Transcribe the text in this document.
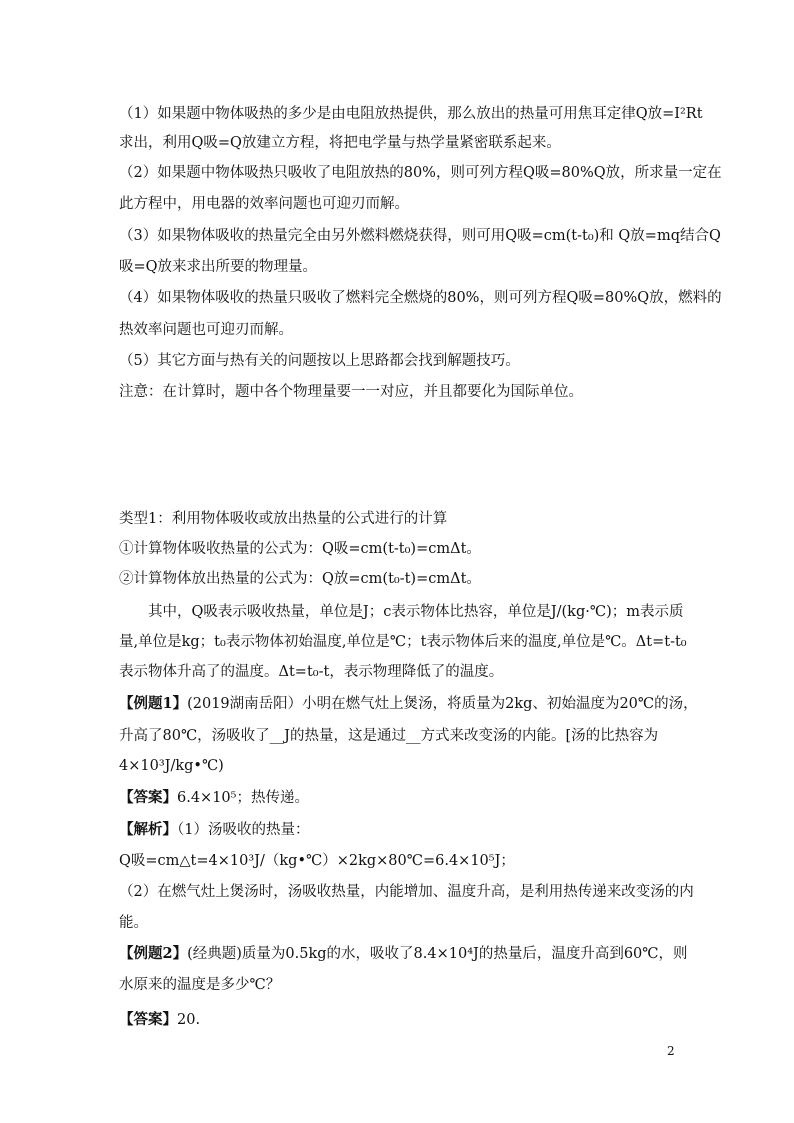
（1）如果题中物体吸热的多少是由电阻放热提供，那么放出的热量可用焦耳定律Q放=I²Rt
求出，利用Q吸=Q放建立方程，将把电学量与热学量紧密联系起来。
（2）如果题中物体吸热只吸收了电阻放热的80%，则可列方程Q吸=80%Q放，所求量一定在
此方程中，用电器的效率问题也可迎刃而解。
（3）如果物体吸收的热量完全由另外燃料燃烧获得，则可用Q吸=cm(t-t₀)和 Q放=mq结合Q
吸=Q放来求出所要的物理量。
（4）如果物体吸收的热量只吸收了燃料完全燃烧的80%，则可列方程Q吸=80%Q放，燃料的
热效率问题也可迎刃而解。
（5）其它方面与热有关的问题按以上思路都会找到解题技巧。
注意：在计算时，题中各个物理量要一一对应，并且都要化为国际单位。
类型1：利用物体吸收或放出热量的公式进行的计算
①计算物体吸收热量的公式为：Q吸=cm(t-t₀)=cmΔt。
②计算物体放出热量的公式为：Q放=cm(t₀-t)=cmΔt。
其中，Q吸表示吸收热量，单位是J；c表示物体比热容，单位是J/(kg·℃)；m表示质
量,单位是kg；t₀表示物体初始温度,单位是℃；t表示物体后来的温度,单位是℃。Δt=t-t₀
表示物体升高了的温度。Δt=t₀-t，表示物理降低了的温度。
【例题1】(2019湖南岳阳）小明在燃气灶上煲汤，将质量为2kg、初始温度为20℃的汤，
升高了80℃，汤吸收了__J的热量，这是通过__方式来改变汤的内能。[汤的比热容为
4×10³J/kg•℃)
【答案】6.4×10⁵；热传递。
【解析】（1）汤吸收的热量：
Q吸=cm△t=4×10³J/（kg•℃）×2kg×80℃=6.4×10⁵J；
（2）在燃气灶上煲汤时，汤吸收热量，内能增加、温度升高，是利用热传递来改变汤的内
能。
【例题2】(经典题)质量为0.5kg的水，吸收了8.4×10⁴J的热量后，温度升高到60℃，则
水原来的温度是多少℃？
【答案】20.
2
